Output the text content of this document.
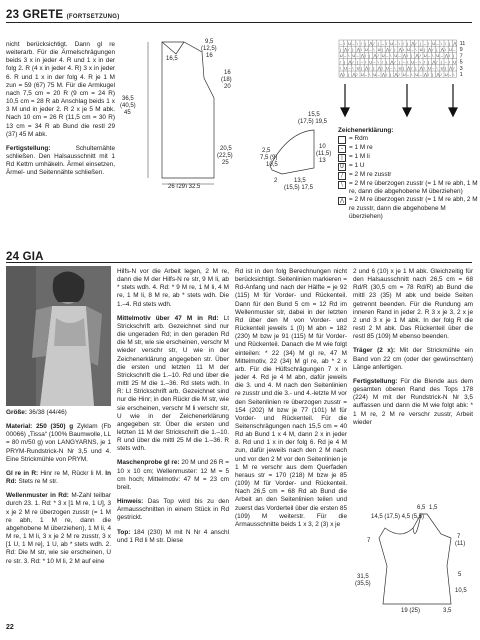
23 GRETE (FORTSETZUNG)

nicht berücksichtigt. Dann gl re weiterarb. Für die Ärmelschrägungen beids 3 x in jeder 4. R und 1 x in der folg 2. R (4 x in jeder 4. R) 3 x in jeder 6. R und 1 x in der folg 4. R je 1 M zun = 59 (67) 75 M. Für die Armkugel nach 7,5 cm = 20 R (9 cm = 24 R) 10,5 cm = 28 R ab Anschlag beids 1 x 3 M und in jeder 2. R 2 x je 5 M abk. Nach 10 cm = 26 R (11,5 cm = 30 R) 13 cm = 34 R ab Bund die restl 29 (37) 45 M abk.

Fertigstellung:	Schulternähte schließen. Den Halsausschnitt mit 1 Rd Kettm umhäkeln. Ärmel einsetzen, Ärmel- und Seitennähte schließen.

9,5
(12,5)
16
16,5
16
(18)
20
36,5
(40,5)
45
20,5
(22,5)
25
26 (29) 32,5
15,5
(17,5) 19,5
2,5
7,5 (9)
10,5
10
(11,5)
13
2	13,5
(15,5) 17,5
– \ U – \ / | ⋀ / | – \ U – \ / | ⋀ / | – \ U – \ / | ⋀
| ⋀ / | ⋀ \ U – \ U | ⋀ / | ⋀ \ U – \ U | ⋀ / | ⋀ \ U –
U – \ U – ⋀ / | ⋀ / U – \ U – ⋀ / | ⋀ / U – \ U – ⋀ / |
/ | ⋀ / | – \ U – \ / | ⋀ / | – \ U – \ / | ⋀ / | – \ U
\ U – \ U | ⋀ / | ⋀ \ U – \ U | ⋀ / | ⋀ \ U – \ U | ⋀ /
⋀ / | ⋀ / U – \ U – ⋀ / | ⋀ / U – \ U – ⋀ / | ⋀ / U – \
11
9
7
5
3
1
Zeichenerklärung:
= Rdm
– = 1 M re
| = 1 M li
U = 1 U
/ = 2 M re zusstr
\ = 2 M re überzogen zusstr (= 1 M re abh, 1 M re, dann die abgehobene M überziehen)
⋀ = 2 M re überzogen zusstr (= 1 M re abh, 2 M re zusstr, dann die abgehobene M überziehen)
24 GIA

Größe: 36/38 (44/46)

Material: 250 (350) g Zyklam (Fb 00066) „Tissa“ (100% Baumwolle, LL = 80 m/50 g) von LANGYARNS, je 1 PRYM-Rundstrick-N Nr 3,5 und 4. Eine Strickmühle von PRYM.

Gl re in R: Hinr re M, Rückr li M. In Rd: Stets re M str.

Wellenmuster in Rd: M-Zahl teilbar durch 23. 1. Rd: * 3 x [1 M re, 1 U], 3 x je 2 M re überzogen zusstr (= 1 M re abh, 1 M re, dann die abgehobene M überziehen), 1 M li, 4 M re, 1 M li, 3 x je 2 M re zusstr, 3 x [1 U, 1 M re], 1 U, ab * stets wdh. 2. Rd: Die M str, wie sie erscheinen, U re str. 3. Rd: * 10 M li, 2 M auf eine

Hilfs-N vor die Arbeit legen, 2 M re, dann die M der Hilfs-N re str, 9 M li, ab * stets wdh. 4. Rd: * 9 M re, 1 M li, 4 M re, 1 M li, 8 M re, ab * stets wdh. Die 1.–4. Rd stets wdh.

Mittelmotiv über 47 M in Rd: Lt Strickschrift arb. Gezeichnet sind nur die ungeraden Rd; in den geraden Rd die M str, wie sie erscheinen, verschr M wieder verschr str, U wie in der Zeichenerklärung angegeben str. Über die ersten und letzten 11 M der Strickschrift die 1.–10. Rd und über die mittl 25 M die 1.–36. Rd stets wdh. In R: Lt Strickschrift arb. Gezeichnet sind nur die Hinr; in den Rückr die M str, wie sie erscheinen, verschr M li verschr str, U wie in der Zeichenerklärung angegeben str. Über die ersten und letzten 11 M der Strickschrift die 1.–10. R und über die mittl 25 M die 1.–36. R stets wdh.

Maschenprobe gl re: 20 M und 26 R = 10 x 10 cm; Wellenmuster: 12 M = 5 cm hoch; Mittelmotiv: 47 M = 23 cm breit.

Hinweis: Das Top wird bis zu den Armausschnitten in einem Stück in Rd gestrickt.

Top: 184 (230) M mit N Nr 4 anschl und 1 Rd li M str. Diese

Rd ist in den folg Berechnungen nicht berücksichtigt. Seitenlinien markieren = Rd-Anfang und nach der Hälfte = je 92 (115) M für Vorder- und Rückenteil. Dann für den Bund 5 cm = 12 Rd im Wellenmuster str, dabei in der letzten Rd über den M von Vorder- und Rückenteil jeweils 1 (0) M abn = 182 (230) M bzw je 91 (115) M für Vorder- und Rückenteil. Danach die M wie folgt einteilen: * 22 (34) M gl re, 47 M Mittelmotiv, 22 (34) M gl re, ab * 2 x arb. Für die Hüftschrägungen 7 x in jeder 4. Rd je 4 M abn, dafür jeweils die 3. und 4. M nach den Seitenlinien re zusstr und die 3.- und 4.-letzte M vor den Seitenlinien re überzogen zusstr = 154 (202) M bzw je 77 (101) M für Vorder- und Rückenteil. Für die Seitenschrägungen nach 15,5 cm = 40 Rd ab Bund 1 x 4 M, dann 2 x in jeder 8. Rd und 1 x in der folg 6. Rd je 4 M zun, dafür jeweils nach den 2 M nach und vor den 2 M vor den Seitenlinien je 1 M re verschr aus dem Querfaden heraus str = 170 (218) M bzw je 85 (109) M für Vorder- und Rückenteil. Nach 26,5 cm = 68 Rd ab Bund die Arbeit an den Seitenlinien teilen und zuerst das Vorderteil über die ersten 85 (109) M weiterstr. Für die Armausschnitte beids 1 x 3, 2 (3) x je

2 und 6 (10) x je 1 M abk. Gleichzeitig für den Halsausschnitt nach 26,5 cm = 68 Rd/R (30,5 cm = 78 Rd/R) ab Bund die mittl 23 (35) M abk und beide Seiten getrennt beenden. Für die Rundung am inneren Rand in jeder 2. R 3 x je 3, 2 x je 2 und 3 x je 1 M abk. In der folg R die restl 2 M abk. Das Rückenteil über die restl 85 (109) M ebenso beenden.

Träger (2 x): Mit der Strickmühle ein Band von 22 cm (oder der gewünschten) Länge anfertigen.

Fertigstellung: Für die Blende aus dem gesamten oberen Rand des Tops 178 (224) M mit der Rundstrick-N Nr 3,5 auffassen und dann die M wie folgt abk: * 1 M re, 2 M re verschr zusstr, Arbeit wieder

6,5 1,5
14,5 (17,5) 4,5 (5,5)
7
7
(11)
31,5
(35,5)
5
10,5
19 (25)	3,5
22
